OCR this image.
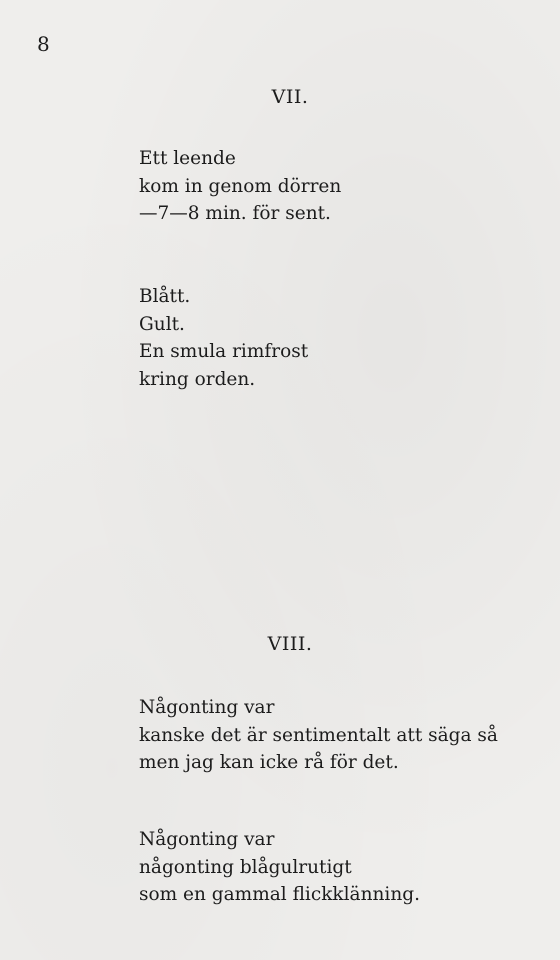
8
VII.
Ett leende
kom in genom dörren
—7—8 min. för sent.
Blått.
Gult.
En smula rimfrost
kring orden.
VIII.
Någonting var
kanske det är sentimentalt att säga så
men jag kan icke rå för det.
Någonting var
någonting blågulrutigt
som en gammal flickklänning.
